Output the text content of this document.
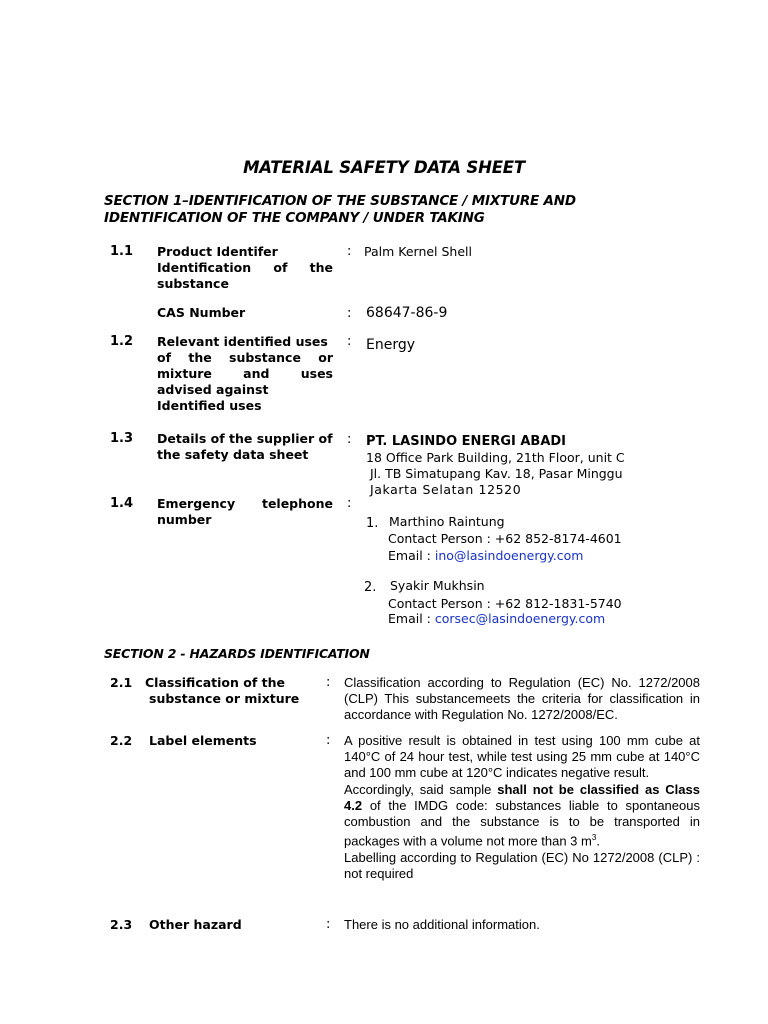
MATERIAL SAFETY DATA SHEET
SECTION 1–IDENTIFICATION OF THE SUBSTANCE / MIXTURE AND
IDENTIFICATION OF THE COMPANY / UNDER TAKING
1.1 Product Identifer
Identification of the
substance
: Palm Kernel Shell
CAS Number	: 68647-86-9
1.2 Relevant identified uses
of the substance or
mixture and uses
advised against
Identified uses
: Energy
1.3 Details of the supplier of
the safety data sheet
: PT. LASINDO ENERGI ABADI
18 Office Park Building, 21th Floor, unit C
Jl. TB Simatupang Kav. 18, Pasar Minggu
Jakarta Selatan 12520
1.4 Emergency telephone
number
:
1. Marthino Raintung
Contact Person : +62 852-8174-4601
Email : ino@lasindoenergy.com
2. Syakir Mukhsin
Contact Person : +62 812-1831-5740
Email : corsec@lasindoenergy.com
SECTION 2 - HAZARDS IDENTIFICATION
2.1 Classification of the
substance or mixture
: Classification according to Regulation (EC) No. 1272/2008 (CLP) This substancemeets the criteria for classification in accordance with Regulation No. 1272/2008/EC.
2.2 Label elements	: A positive result is obtained in test using 100 mm cube at 140°C of 24 hour test, while test using 25 mm cube at 140°C and 100 mm cube at 120°C indicates negative result.
Accordingly, said sample shall not be classified as Class 4.2 of the IMDG code: substances liable to spontaneous combustion and the substance is to be transported in packages with a volume not more than 3 $m^3$.
Labelling according to Regulation (EC) No 1272/2008 (CLP) : not required
2.3 Other hazard	: There is no additional information.
